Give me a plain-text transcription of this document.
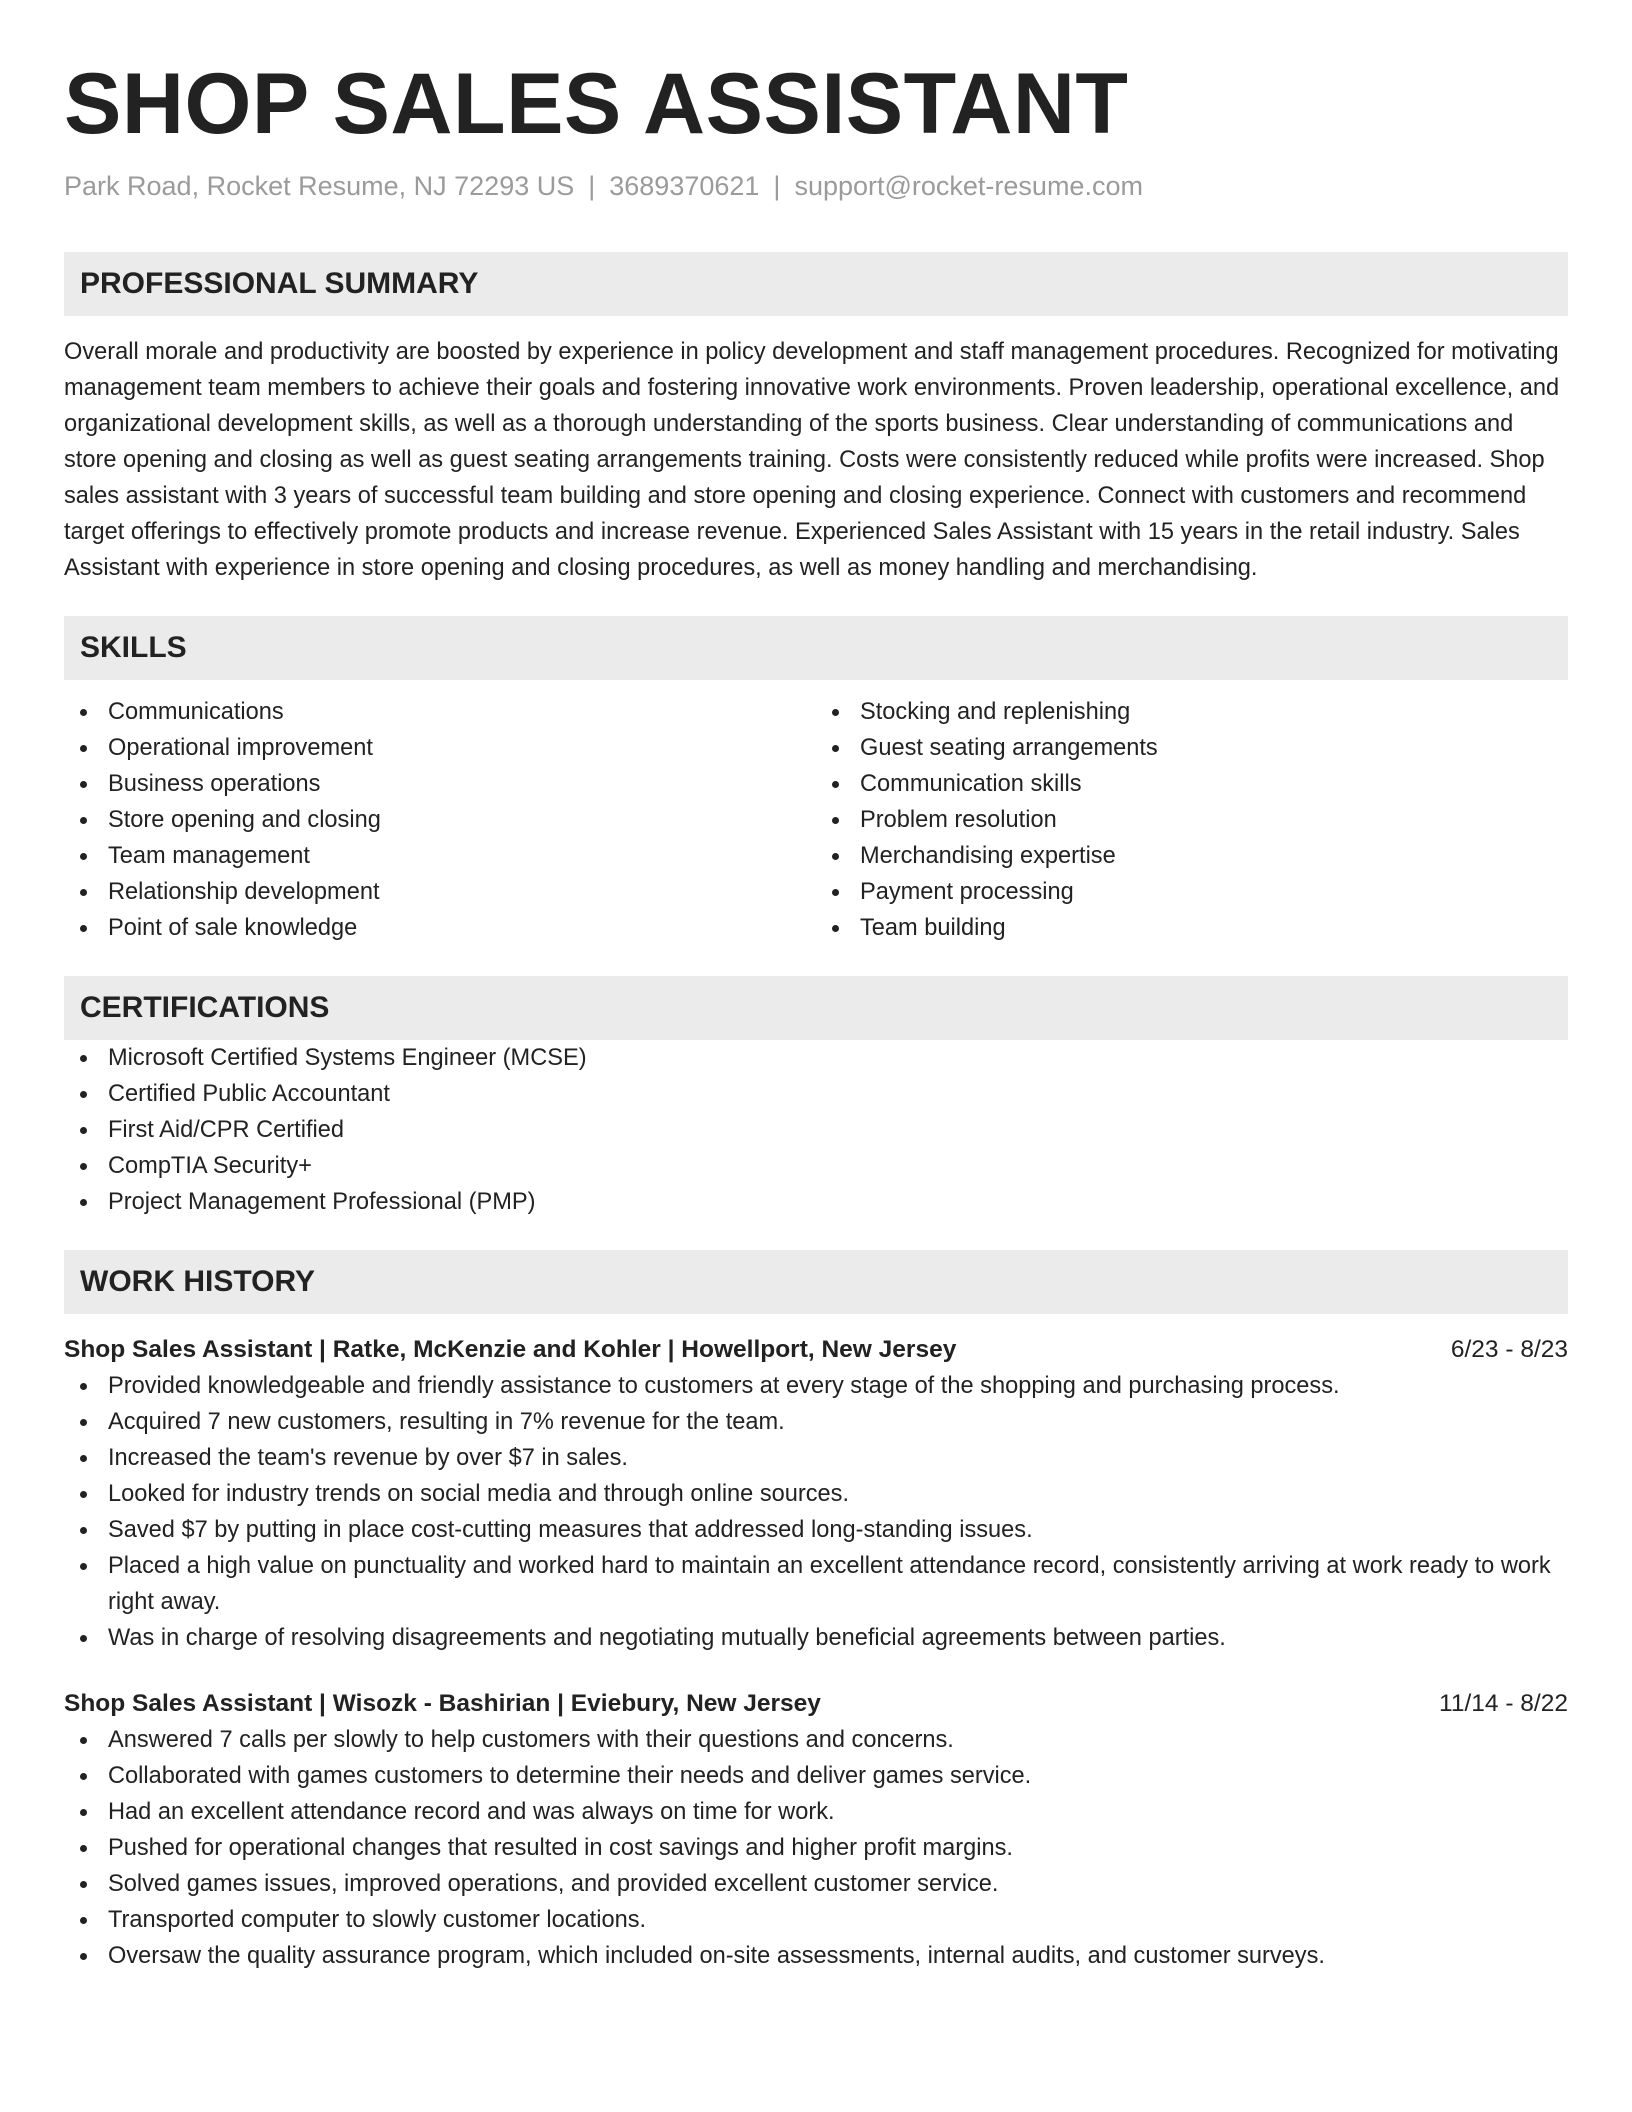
SHOP SALES ASSISTANT
Park Road, Rocket Resume, NJ 72293 US | 3689370621 | support@rocket-resume.com
PROFESSIONAL SUMMARY
Overall morale and productivity are boosted by experience in policy development and staff management procedures. Recognized for motivating management team members to achieve their goals and fostering innovative work environments. Proven leadership, operational excellence, and organizational development skills, as well as a thorough understanding of the sports business. Clear understanding of communications and store opening and closing as well as guest seating arrangements training. Costs were consistently reduced while profits were increased. Shop sales assistant with 3 years of successful team building and store opening and closing experience. Connect with customers and recommend target offerings to effectively promote products and increase revenue. Experienced Sales Assistant with 15 years in the retail industry. Sales Assistant with experience in store opening and closing procedures, as well as money handling and merchandising.
SKILLS
Communications
Operational improvement
Business operations
Store opening and closing
Team management
Relationship development
Point of sale knowledge
Stocking and replenishing
Guest seating arrangements
Communication skills
Problem resolution
Merchandising expertise
Payment processing
Team building
CERTIFICATIONS
Microsoft Certified Systems Engineer (MCSE)
Certified Public Accountant
First Aid/CPR Certified
CompTIA Security+
Project Management Professional (PMP)
WORK HISTORY
Shop Sales Assistant | Ratke, McKenzie and Kohler | Howellport, New Jersey	6/23 - 8/23
Provided knowledgeable and friendly assistance to customers at every stage of the shopping and purchasing process.
Acquired 7 new customers, resulting in 7% revenue for the team.
Increased the team's revenue by over $7 in sales.
Looked for industry trends on social media and through online sources.
Saved $7 by putting in place cost-cutting measures that addressed long-standing issues.
Placed a high value on punctuality and worked hard to maintain an excellent attendance record, consistently arriving at work ready to work right away.
Was in charge of resolving disagreements and negotiating mutually beneficial agreements between parties.
Shop Sales Assistant | Wisozk - Bashirian | Eviebury, New Jersey	11/14 - 8/22
Answered 7 calls per slowly to help customers with their questions and concerns.
Collaborated with games customers to determine their needs and deliver games service.
Had an excellent attendance record and was always on time for work.
Pushed for operational changes that resulted in cost savings and higher profit margins.
Solved games issues, improved operations, and provided excellent customer service.
Transported computer to slowly customer locations.
Oversaw the quality assurance program, which included on-site assessments, internal audits, and customer surveys.
